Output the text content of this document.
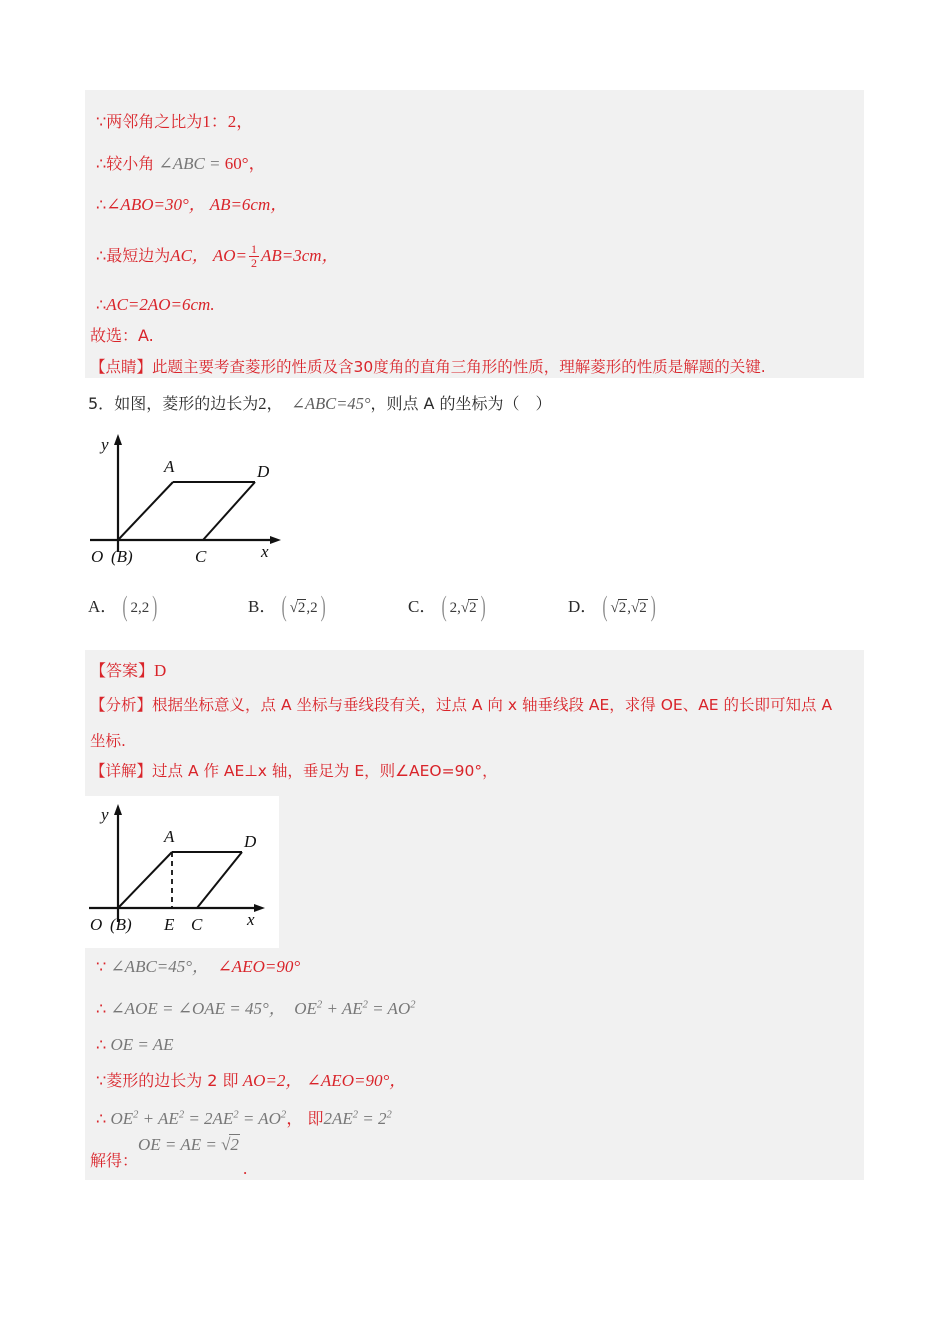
∵两邻角之比为1：2，
∴较小角 ∠ABC = 60°，
∴∠ABO=30°， AB=6cm，
∴最短边为AC， $AO= \frac{1}{2} AB=3cm$，
∴AC=2AO=6cm.
故选：A.
【点睛】此题主要考查菱形的性质及含30度角的直角三角形的性质，理解菱形的性质是解题的关键.
5．如图，菱形的边长为2， ∠ABC=45°，则点 A 的坐标为（　）
y
x
O (B)
A
C
D
A． ( 2,2 )	B． ( √2,2 )	C． ( 2,√2 )	D． ( √2,√2 )
【答案】D
【分析】根据坐标意义，点 A 坐标与垂线段有关，过点 A 向 x 轴垂线段 AE，求得 OE、AE 的长即可知点 A
坐标.
【详解】过点 A 作 AE⊥x 轴，垂足为 E，则∠AEO=90°，
y
x
O (B)
A
E C
D
∵ ∠ABC=45°， ∠AEO=90°
∴ ∠AOE = ∠OAE = 45°，  $OE^2 + AE^2 = AO^2$
∴ OE = AE
∵菱形的边长为 2 即 AO=2， ∠AEO=90°，
∴ $OE^2 + AE^2 = 2AE^2 = AO^2$， 即$2AE^2 = 2^2$
解得：
OE = AE = √2
.
